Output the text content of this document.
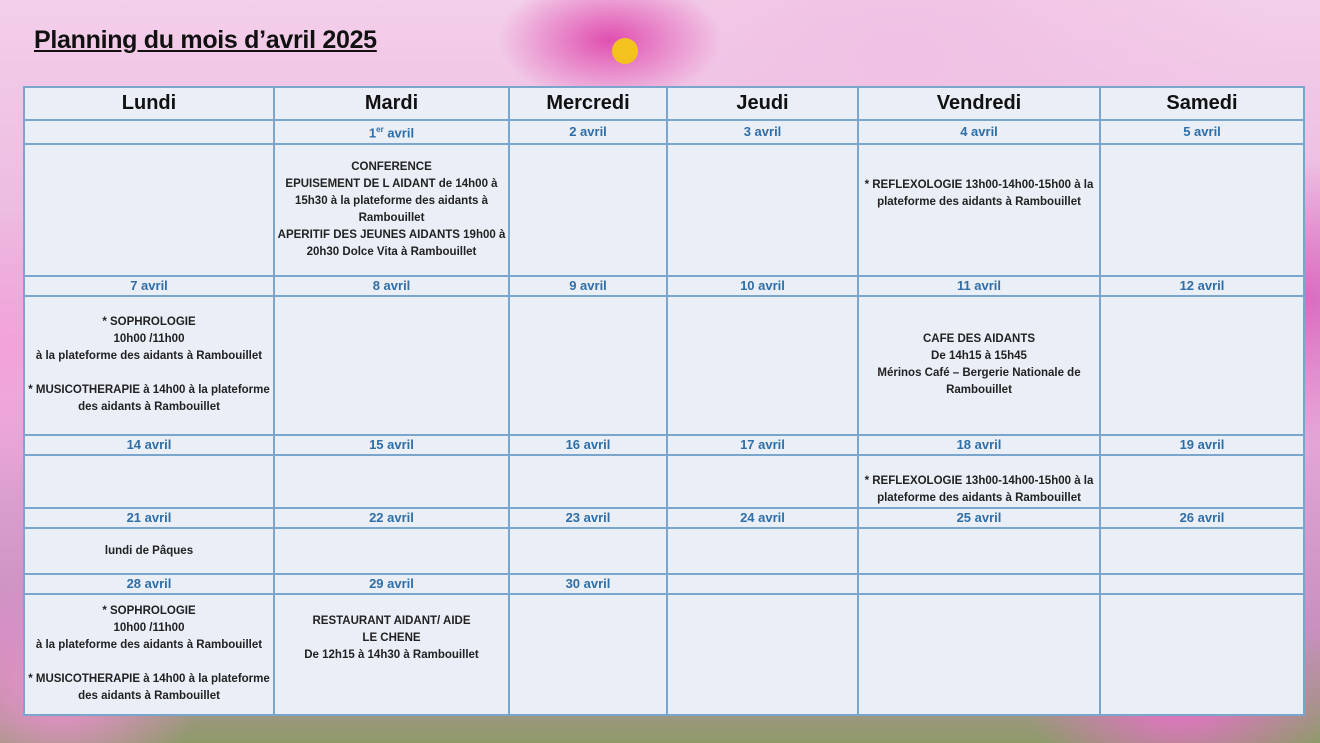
Planning du mois d’avril 2025
Lundi	Mardi	Mercredi	Jeudi	Vendredi	Samedi
	1er avril	2 avril	3 avril	4 avril	5 avril

	CONFERENCE
EPUISEMENT DE L AIDANT de 14h00 à 15h30 à la plateforme des aidants à Rambouillet
APERITIF DES JEUNES AIDANTS 19h00 à 20h30 Dolce Vita à Rambouillet			* REFLEXOLOGIE 13h00-14h00-15h00 à la plateforme des aidants à Rambouillet	

7 avril	8 avril	9 avril	10 avril	11 avril	12 avril

* SOPHROLOGIE
10h00 /11h00
à la plateforme des aidants à Rambouillet

* MUSICOTHERAPIE à 14h00 à la plateforme des aidants à Rambouillet				CAFE DES AIDANTS
De 14h15 à 15h45
Mérinos Café – Bergerie Nationale de Rambouillet	

14 avril	15 avril	16 avril	17 avril	18 avril	19 avril

				* REFLEXOLOGIE 13h00-14h00-15h00 à la plateforme des aidants à Rambouillet	

21 avril	22 avril	23 avril	24 avril	25 avril	26 avril

lundi de Pâques					

28 avril	29 avril	30 avril			

* SOPHROLOGIE
10h00 /11h00
à la plateforme des aidants à Rambouillet

* MUSICOTHERAPIE à 14h00 à la plateforme des aidants à Rambouillet	RESTAURANT AIDANT/ AIDE
LE CHENE
De 12h15 à 14h30 à Rambouillet				
